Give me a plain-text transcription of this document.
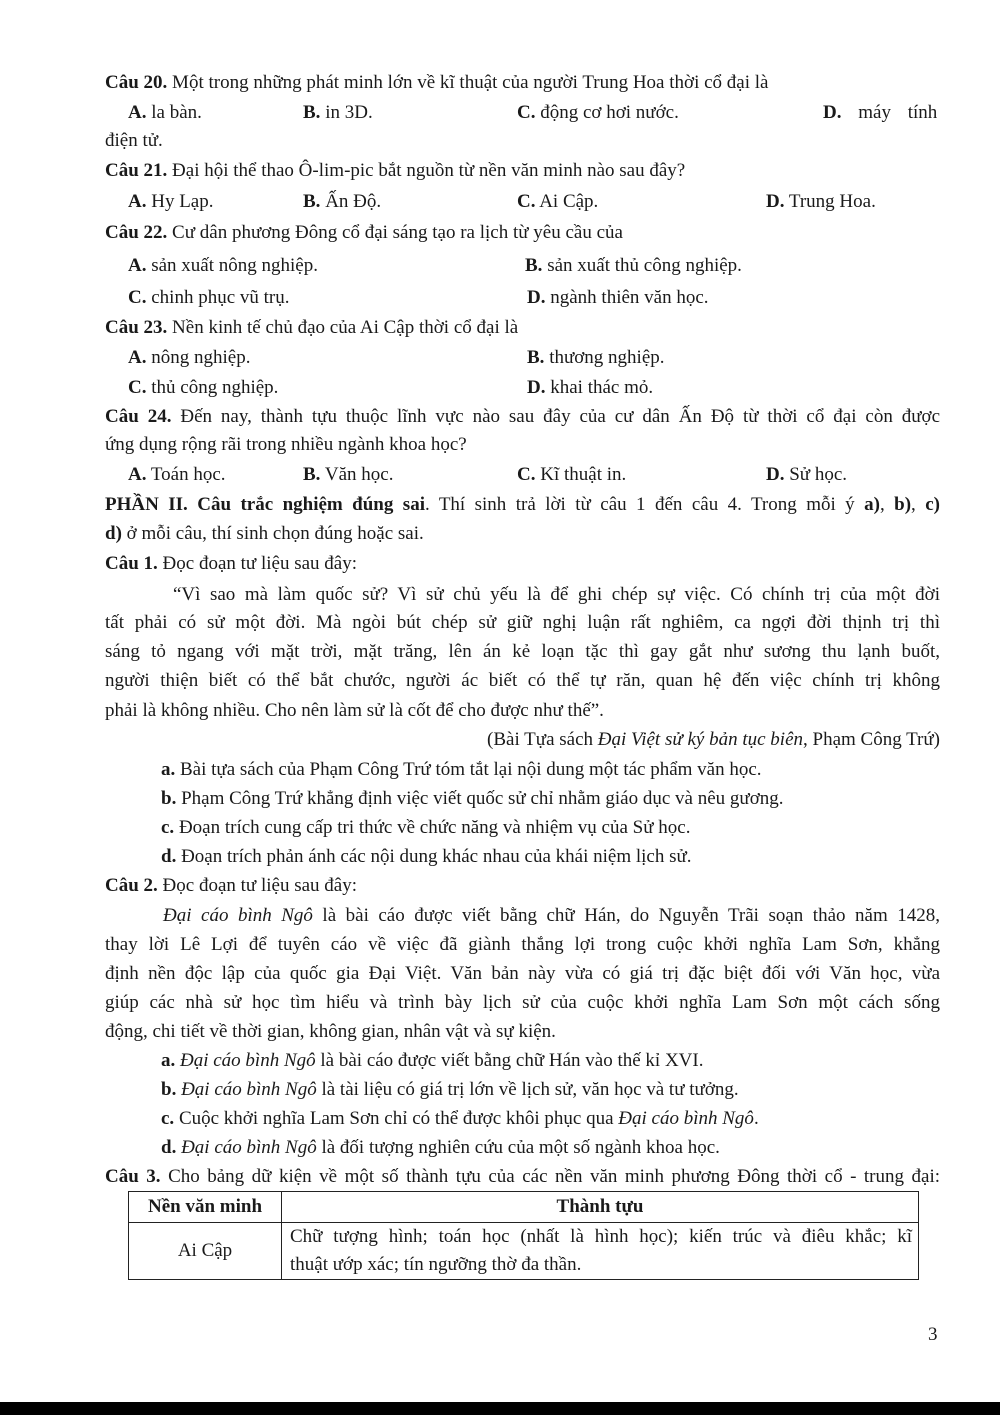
Câu 20. Một trong những phát minh lớn về kĩ thuật của người Trung Hoa thời cổ đại là
A. la bàn.	B. in 3D.	C. động cơ hơi nước.	D. máy tính
điện tử.
Câu 21. Đại hội thể thao Ô-lim-pic bắt nguồn từ nền văn minh nào sau đây?
A. Hy Lạp.	B. Ấn Độ.	C. Ai Cập.	D. Trung Hoa.
Câu 22. Cư dân phương Đông cổ đại sáng tạo ra lịch từ yêu cầu của
A. sản xuất nông nghiệp.	B. sản xuất thủ công nghiệp.
C. chinh phục vũ trụ.	D. ngành thiên văn học.
Câu 23. Nền kinh tế chủ đạo của Ai Cập thời cổ đại là
A. nông nghiệp.	B. thương nghiệp.
C. thủ công nghiệp.	D. khai thác mỏ.
Câu 24. Đến nay, thành tựu thuộc lĩnh vực nào sau đây của cư dân Ấn Độ từ thời cổ đại còn được
ứng dụng rộng rãi trong nhiều ngành khoa học?
A. Toán học.	B. Văn học.	C. Kĩ thuật in.	D. Sử học.
PHẦN II. Câu trắc nghiệm đúng sai. Thí sinh trả lời từ câu 1 đến câu 4. Trong mỗi ý a), b), c)
d) ở mỗi câu, thí sinh chọn đúng hoặc sai.
Câu 1. Đọc đoạn tư liệu sau đây:
“Vì sao mà làm quốc sử? Vì sử chủ yếu là để ghi chép sự việc. Có chính trị của một đời
tất phải có sử một đời. Mà ngòi bút chép sử giữ nghị luận rất nghiêm, ca ngợi đời thịnh trị thì
sáng tỏ ngang với mặt trời, mặt trăng, lên án kẻ loạn tặc thì gay gắt như sương thu lạnh buốt,
người thiện biết có thể bắt chước, người ác biết có thể tự răn, quan hệ đến việc chính trị không
phải là không nhiều. Cho nên làm sử là cốt để cho được như thế”.
(Bài Tựa sách Đại Việt sử ký bản tục biên, Phạm Công Trứ)
a. Bài tựa sách của Phạm Công Trứ tóm tắt lại nội dung một tác phẩm văn học.
b. Phạm Công Trứ khẳng định việc viết quốc sử chỉ nhằm giáo dục và nêu gương.
c. Đoạn trích cung cấp tri thức về chức năng và nhiệm vụ của Sử học.
d. Đoạn trích phản ánh các nội dung khác nhau của khái niệm lịch sử.
Câu 2. Đọc đoạn tư liệu sau đây:
Đại cáo bình Ngô là bài cáo được viết bằng chữ Hán, do Nguyễn Trãi soạn thảo năm 1428,
thay lời Lê Lợi để tuyên cáo về việc đã giành thắng lợi trong cuộc khởi nghĩa Lam Sơn, khẳng
định nền độc lập của quốc gia Đại Việt. Văn bản này vừa có giá trị đặc biệt đối với Văn học, vừa
giúp các nhà sử học tìm hiểu và trình bày lịch sử của cuộc khởi nghĩa Lam Sơn một cách sống
động, chi tiết về thời gian, không gian, nhân vật và sự kiện.
a. Đại cáo bình Ngô là bài cáo được viết bằng chữ Hán vào thế kỉ XVI.
b. Đại cáo bình Ngô là tài liệu có giá trị lớn về lịch sử, văn học và tư tưởng.
c. Cuộc khởi nghĩa Lam Sơn chỉ có thể được khôi phục qua Đại cáo bình Ngô.
d. Đại cáo bình Ngô là đối tượng nghiên cứu của một số ngành khoa học.
Câu 3. Cho bảng dữ kiện về một số thành tựu của các nền văn minh phương Đông thời cổ - trung đại:
Nền văn minh	Thành tựu
Ai Cập	Chữ tượng hình; toán học (nhất là hình học); kiến trúc và điêu khắc; kĩ
thuật ướp xác; tín ngưỡng thờ đa thần.
3
